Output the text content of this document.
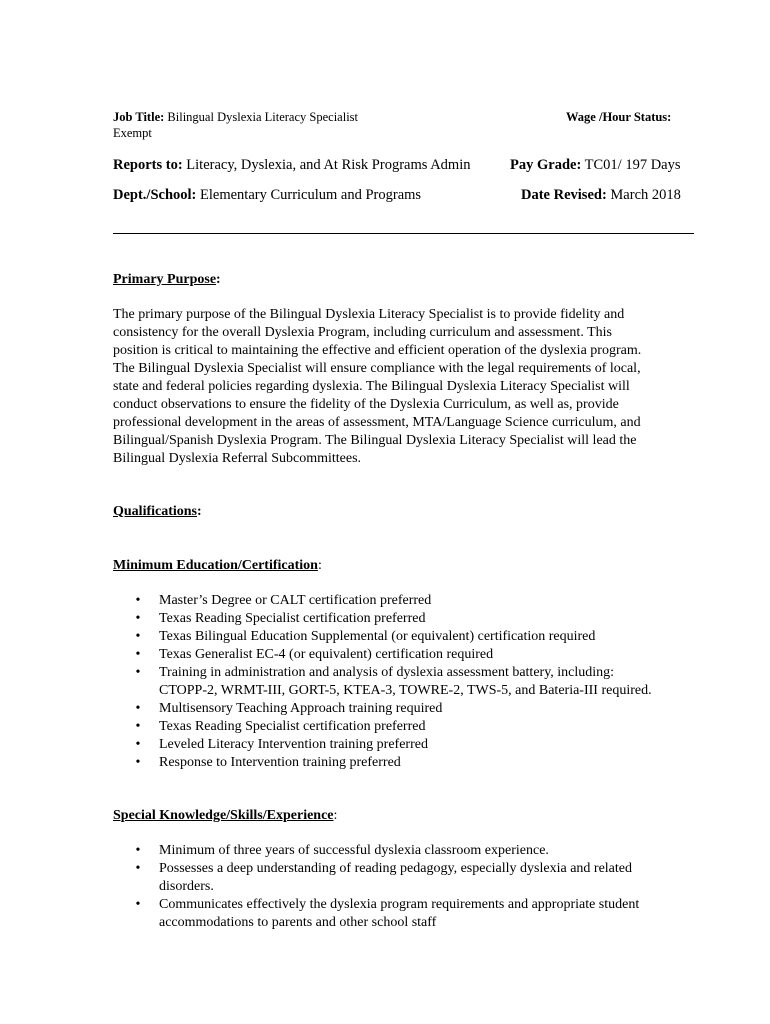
Job Title: Bilingual Dyslexia Literacy Specialist
Exempt
Wage /Hour Status:
Reports to: Literacy, Dyslexia, and At Risk Programs Admin	Pay Grade: TC01/ 197 Days
Dept./School: Elementary Curriculum and Programs	Date Revised: March 2018
Primary Purpose:
The primary purpose of the Bilingual Dyslexia Literacy Specialist is to provide fidelity and
consistency for the overall Dyslexia Program, including curriculum and assessment. This
position is critical to maintaining the effective and efficient operation of the dyslexia program.
The Bilingual Dyslexia Specialist will ensure compliance with the legal requirements of local,
state and federal policies regarding dyslexia. The Bilingual Dyslexia Literacy Specialist will
conduct observations to ensure the fidelity of the Dyslexia Curriculum, as well as, provide
professional development in the areas of assessment, MTA/Language Science curriculum, and
Bilingual/Spanish Dyslexia Program. The Bilingual Dyslexia Literacy Specialist will lead the
Bilingual Dyslexia Referral Subcommittees.
Qualifications:
Minimum Education/Certification:
• Master’s Degree or CALT certification preferred
• Texas Reading Specialist certification preferred
• Texas Bilingual Education Supplemental (or equivalent) certification required
• Texas Generalist EC-4 (or equivalent) certification required
• Training in administration and analysis of dyslexia assessment battery, including:
CTOPP-2, WRMT-III, GORT-5, KTEA-3, TOWRE-2, TWS-5, and Bateria-III required.
• Multisensory Teaching Approach training required
• Texas Reading Specialist certification preferred
• Leveled Literacy Intervention training preferred
• Response to Intervention training preferred
Special Knowledge/Skills/Experience:
• Minimum of three years of successful dyslexia classroom experience.
• Possesses a deep understanding of reading pedagogy, especially dyslexia and related
disorders.
• Communicates effectively the dyslexia program requirements and appropriate student
accommodations to parents and other school staff
